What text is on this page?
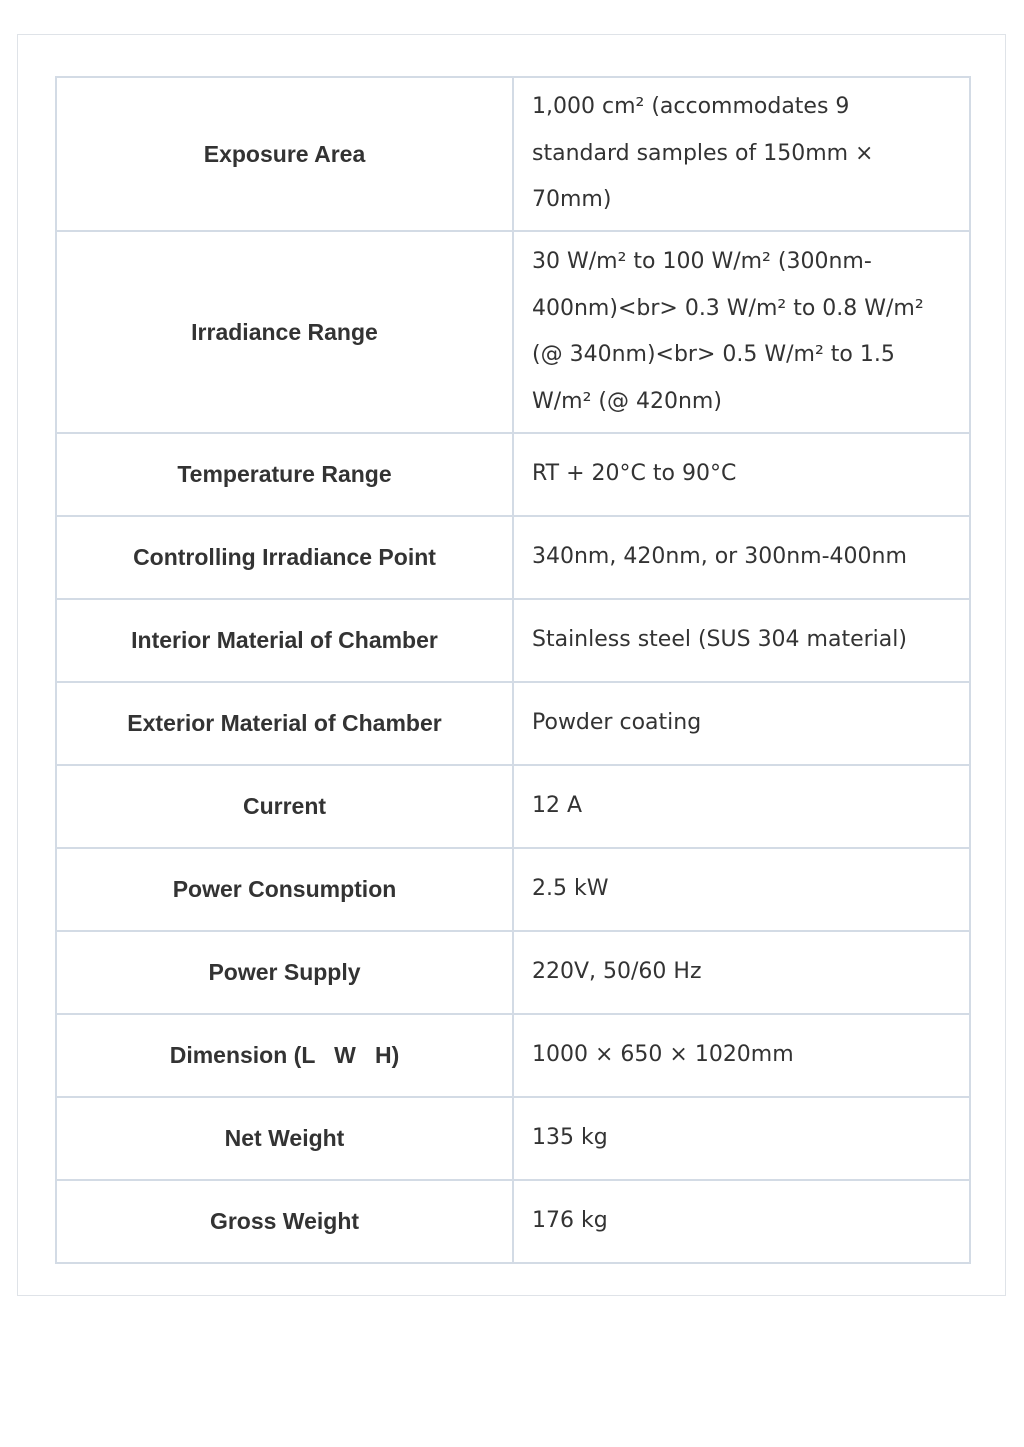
Exposure Area	1,000 cm² (accommodates 9 standard samples of 150mm × 70mm)
Irradiance Range	30 W/m² to 100 W/m² (300nm-400nm)<br> 0.3 W/m² to 0.8 W/m² (@ 340nm)<br> 0.5 W/m² to 1.5 W/m² (@ 420nm)
Temperature Range	RT + 20°C to 90°C
Controlling Irradiance Point	340nm, 420nm, or 300nm-400nm
Interior Material of Chamber	Stainless steel (SUS 304 material)
Exterior Material of Chamber	Powder coating
Current	12 A
Power Consumption	2.5 kW
Power Supply	220V, 50/60 Hz
Dimension (L   W   H)	1000 × 650 × 1020mm
Net Weight	135 kg
Gross Weight	176 kg
